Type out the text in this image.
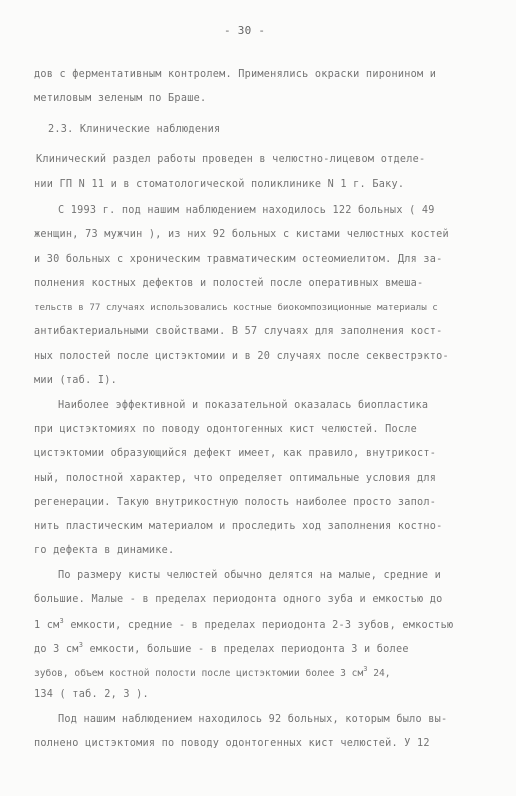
- 30 -
дов с ферментативным контролем. Применялись окраски пиронином и
метиловым зеленым по Браше.
2.3. Клинические наблюдения
Клинический раздел работы проведен в челюстно-лицевом отделе-
нии ГП N 11 и в стоматологической поликлинике N 1 г. Баку.
С 1993 г. под нашим наблюдением находилось 122 больных ( 49
женщин, 73 мужчин ), из них 92 больных с кистами челюстных костей
и 30 больных с хроническим травматическим остеомиелитом. Для за-
полнения костных дефектов и полостей после оперативных вмеша-
тельств в 77 случаях использовались костные биокомпозиционные материалы с
антибактериальными свойствами. В 57 случаях для заполнения кост-
ных полостей после цистэктомии и в 20 случаях после секвестрэкто-
мии (таб. I).
Наиболее эффективной и показательной оказалась биопластика
при цистэктомиях по поводу одонтогенных кист челюстей. После
цистэктомии образующийся дефект имеет, как правило, внутрикост-
ный, полостной характер, что определяет оптимальные условия для
регенерации. Такую внутрикостную полость наиболее просто запол-
нить пластическим материалом и проследить ход заполнения костно-
го дефекта в динамике.
По размеру кисты челюстей обычно делятся на малые, средние и
большие. Малые - в пределах периодонта одного зуба и емкостью до
1 $см^3$ емкости, средние - в пределах периодонта 2-3 зубов, емкостью
до 3 $см^3$ емкости, большие - в пределах периодонта 3 и более
зубов, объем костной полости после цистэктомии более 3 $см^3$ 24,
134 ( таб. 2, 3 ).
Под нашим наблюдением находилось 92 больных, которым было вы-
полнено цистэктомия по поводу одонтогенных кист челюстей. У 12
